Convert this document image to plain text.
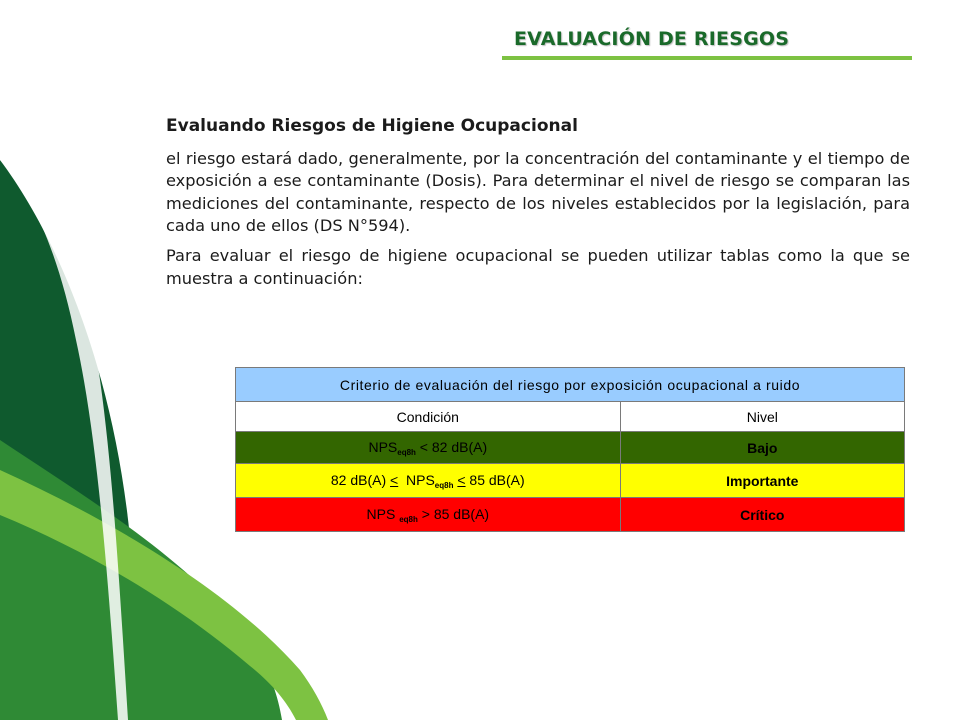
EVALUACIÓN DE RIESGOS
Evaluando Riesgos de Higiene Ocupacional

el riesgo estará dado, generalmente, por la concentración del contaminante y el tiempo de exposición a ese contaminante (Dosis). Para determinar el nivel de riesgo se comparan las mediciones del contaminante, respecto de los niveles establecidos por la legislación, para cada uno de ellos (DS N°594).

Para evaluar el riesgo de higiene ocupacional se pueden utilizar tablas como la que se muestra a continuación:

Criterio de evaluación del riesgo por exposición ocupacional a ruido	
Condición	Nivel
$NPS_{eq8h} < 82$ dB(A)	Bajo
82 $dB(A) < NPS_{eq8h} < 85$ dB(A)	Importante
NPS $_{eq8h}$ > 85 dB(A)	Crítico
